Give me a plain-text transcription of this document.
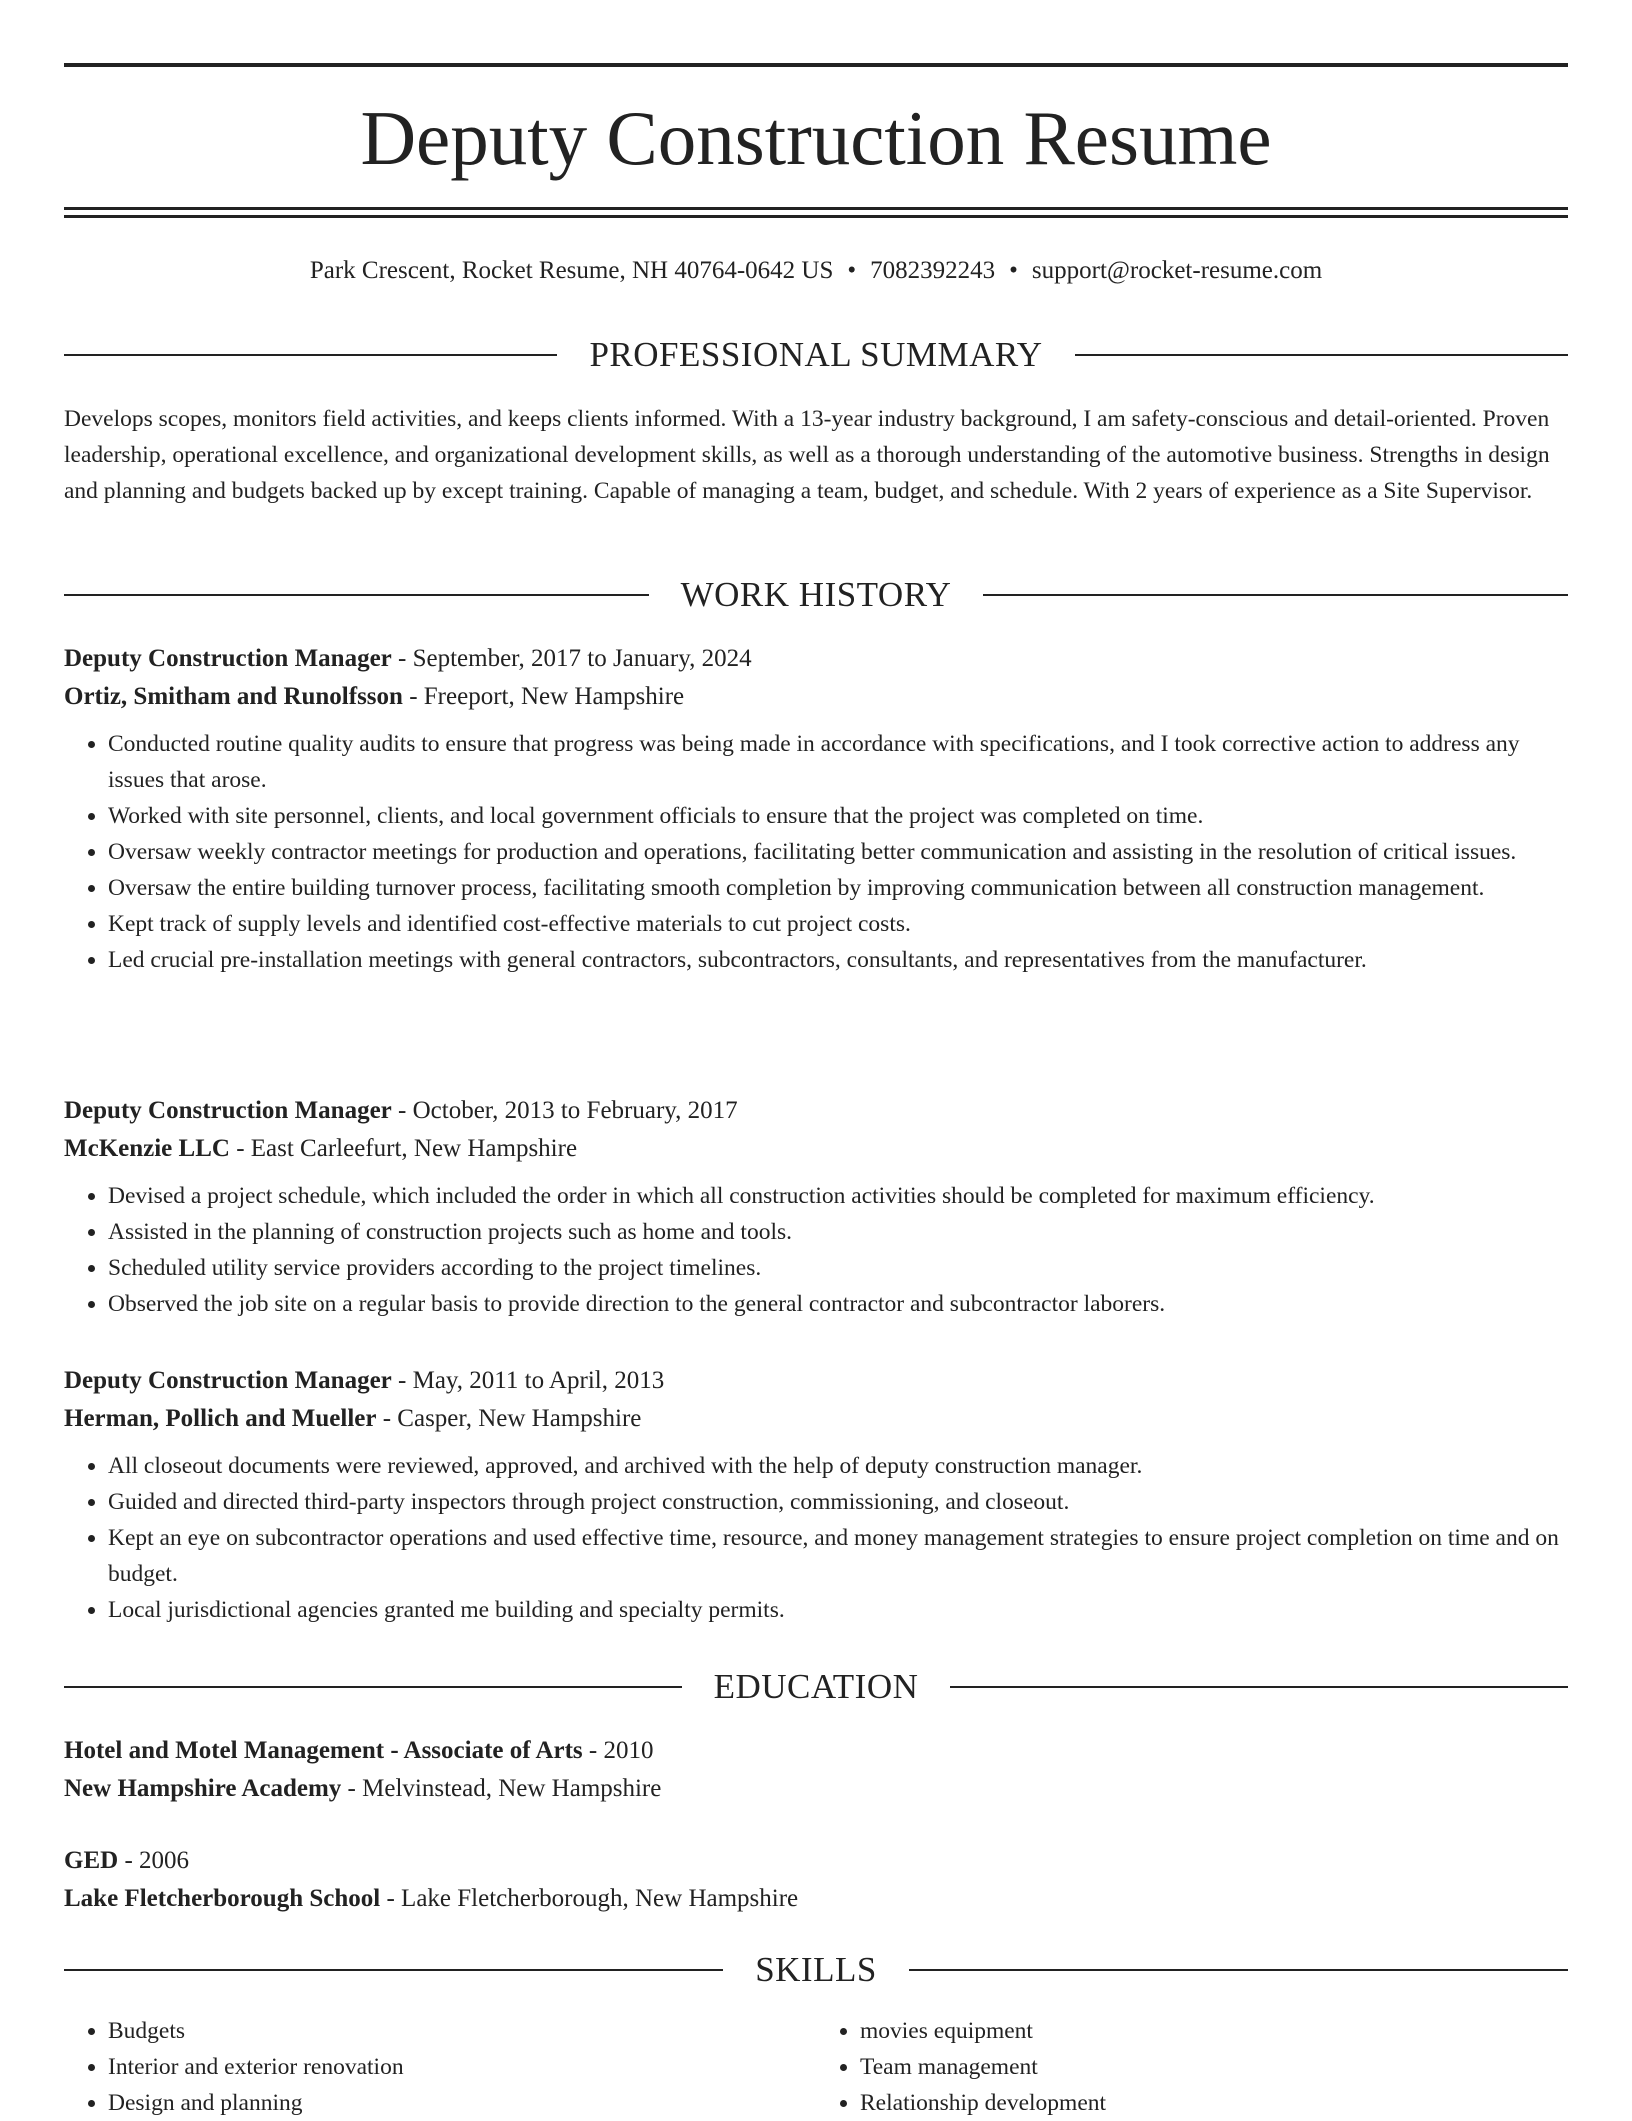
Deputy Construction Resume
Park Crescent, Rocket Resume, NH 40764-0642 US • 7082392243 • support@rocket-resume.com
PROFESSIONAL SUMMARY
Develops scopes, monitors field activities, and keeps clients informed. With a 13-year industry background, I am safety-conscious and detail-oriented. Proven leadership, operational excellence, and organizational development skills, as well as a thorough understanding of the automotive business. Strengths in design and planning and budgets backed up by except training. Capable of managing a team, budget, and schedule. With 2 years of experience as a Site Supervisor.
WORK HISTORY
Deputy Construction Manager - September, 2017 to January, 2024
Ortiz, Smitham and Runolfsson - Freeport, New Hampshire
• Conducted routine quality audits to ensure that progress was being made in accordance with specifications, and I took corrective action to address any issues that arose.
• Worked with site personnel, clients, and local government officials to ensure that the project was completed on time.
• Oversaw weekly contractor meetings for production and operations, facilitating better communication and assisting in the resolution of critical issues.
• Oversaw the entire building turnover process, facilitating smooth completion by improving communication between all construction management.
• Kept track of supply levels and identified cost-effective materials to cut project costs.
• Led crucial pre-installation meetings with general contractors, subcontractors, consultants, and representatives from the manufacturer.
Deputy Construction Manager - October, 2013 to February, 2017
McKenzie LLC - East Carleefurt, New Hampshire
• Devised a project schedule, which included the order in which all construction activities should be completed for maximum efficiency.
• Assisted in the planning of construction projects such as home and tools.
• Scheduled utility service providers according to the project timelines.
• Observed the job site on a regular basis to provide direction to the general contractor and subcontractor laborers.
Deputy Construction Manager - May, 2011 to April, 2013
Herman, Pollich and Mueller - Casper, New Hampshire
• All closeout documents were reviewed, approved, and archived with the help of deputy construction manager.
• Guided and directed third-party inspectors through project construction, commissioning, and closeout.
• Kept an eye on subcontractor operations and used effective time, resource, and money management strategies to ensure project completion on time and on budget.
• Local jurisdictional agencies granted me building and specialty permits.
EDUCATION
Hotel and Motel Management - Associate of Arts - 2010
New Hampshire Academy - Melvinstead, New Hampshire
GED - 2006
Lake Fletcherborough School - Lake Fletcherborough, New Hampshire
SKILLS
• Budgets
• Interior and exterior renovation
• Design and planning
• movies equipment
• Team management
• Relationship development
